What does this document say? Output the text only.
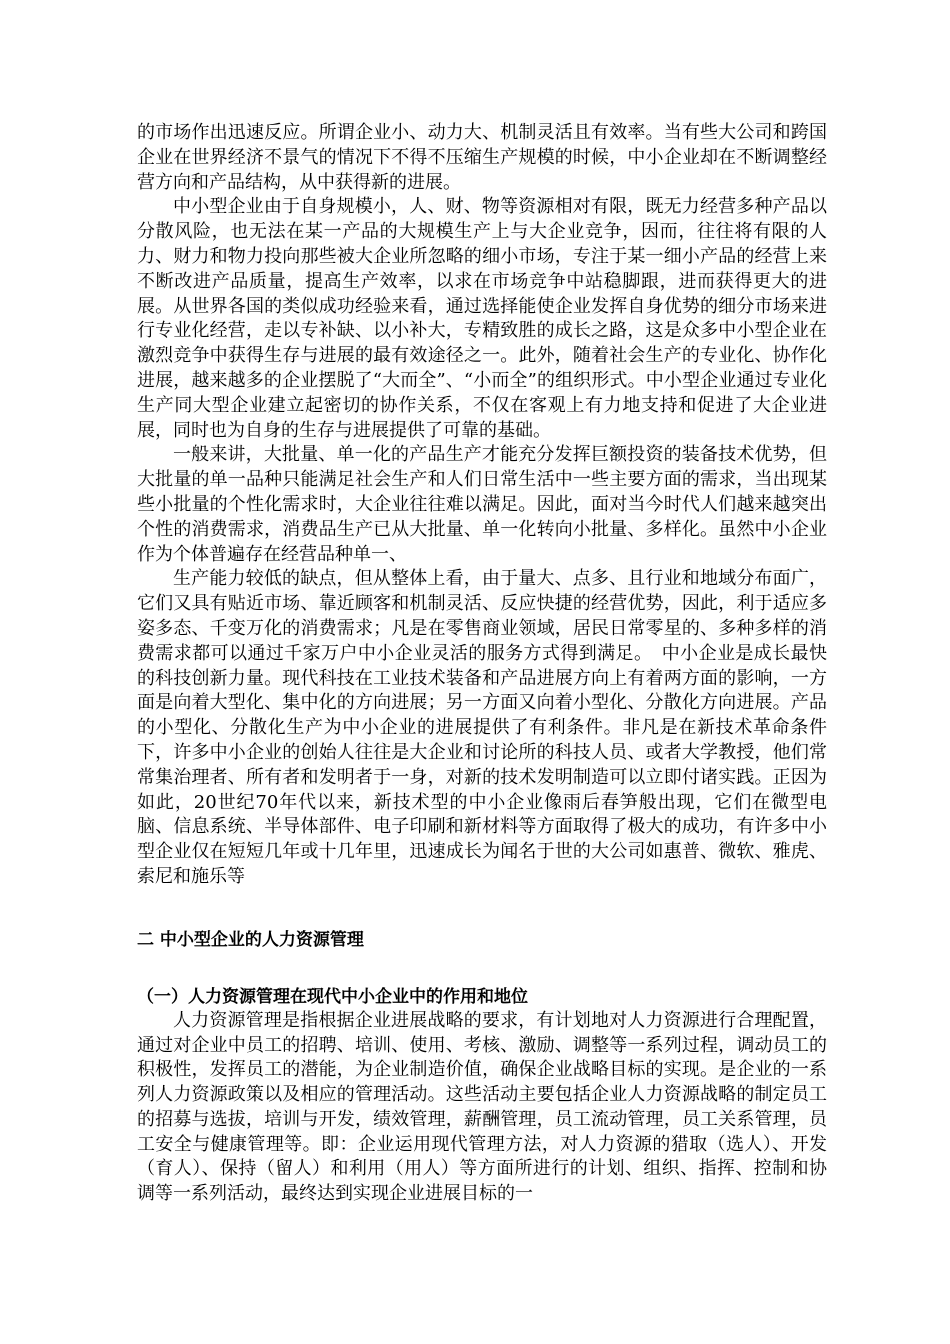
的市场作出迅速反应。所谓企业小、动力大、机制灵活且有效率。当有些大公司和跨国企业在世界经济不景气的情况下不得不压缩生产规模的时候，中小企业却在不断调整经营方向和产品结构，从中获得新的进展。

中小型企业由于自身规模小，人、财、物等资源相对有限，既无力经营多种产品以分散风险，也无法在某一产品的大规模生产上与大企业竞争，因而，往往将有限的人力、财力和物力投向那些被大企业所忽略的细小市场，专注于某一细小产品的经营上来不断改进产品质量，提高生产效率，以求在市场竞争中站稳脚跟，进而获得更大的进展。从世界各国的类似成功经验来看，通过选择能使企业发挥自身优势的细分市场来进行专业化经营，走以专补缺、以小补大，专精致胜的成长之路，这是众多中小型企业在激烈竞争中获得生存与进展的最有效途径之一。此外，随着社会生产的专业化、协作化进展，越来越多的企业摆脱了“大而全”、“小而全”的组织形式。中小型企业通过专业化生产同大型企业建立起密切的协作关系，不仅在客观上有力地支持和促进了大企业进展，同时也为自身的生存与进展提供了可靠的基础。

一般来讲，大批量、单一化的产品生产才能充分发挥巨额投资的装备技术优势，但大批量的单一品种只能满足社会生产和人们日常生活中一些主要方面的需求，当出现某些小批量的个性化需求时，大企业往往难以满足。因此，面对当今时代人们越来越突出个性的消费需求，消费品生产已从大批量、单一化转向小批量、多样化。虽然中小企业作为个体普遍存在经营品种单一、

生产能力较低的缺点，但从整体上看，由于量大、点多、且行业和地域分布面广，它们又具有贴近市场、靠近顾客和机制灵活、反应快捷的经营优势，因此，利于适应多姿多态、千变万化的消费需求；凡是在零售商业领域，居民日常零星的、多种多样的消费需求都可以通过千家万户中小企业灵活的服务方式得到满足。　中小企业是成长最快的科技创新力量。现代科技在工业技术装备和产品进展方向上有着两方面的影响，一方面是向着大型化、集中化的方向进展；另一方面又向着小型化、分散化方向进展。产品的小型化、分散化生产为中小企业的进展提供了有利条件。非凡是在新技术革命条件下，许多中小企业的创始人往往是大企业和讨论所的科技人员、或者大学教授，他们常常集治理者、所有者和发明者于一身，对新的技术发明制造可以立即付诸实践。正因为如此，20世纪70年代以来，新技术型的中小企业像雨后春笋般出现，它们在微型电脑、信息系统、半导体部件、电子印刷和新材料等方面取得了极大的成功，有许多中小型企业仅在短短几年或十几年里，迅速成长为闻名于世的大公司如惠普、微软、雅虎、索尼和施乐等

二 中小型企业的人力资源管理

（一）人力资源管理在现代中小企业中的作用和地位

人力资源管理是指根据企业进展战略的要求，有计划地对人力资源进行合理配置，通过对企业中员工的招聘、培训、使用、考核、激励、调整等一系列过程，调动员工的积极性，发挥员工的潜能，为企业制造价值，确保企业战略目标的实现。是企业的一系列人力资源政策以及相应的管理活动。这些活动主要包括企业人力资源战略的制定员工的招募与选拔，培训与开发，绩效管理，薪酬管理，员工流动管理，员工关系管理，员工安全与健康管理等。即：企业运用现代管理方法，对人力资源的猎取（选人）、开发（育人）、保持（留人）和利用（用人）等方面所进行的计划、组织、指挥、控制和协调等一系列活动，最终达到实现企业进展目标的一
